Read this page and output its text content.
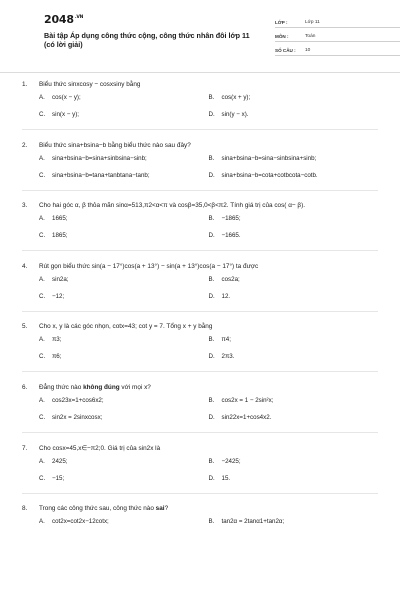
$2048^{.VN}$
Bài tập Áp dụng công thức cộng, công thức nhân đôi lớp 11 (có lời giải)
LỚP :	Lớp 11
MÔN :	Toán
SỐ CÂU :	10
1.	Biểu thức sinxcosy − cosxsiny bằng
A.	cos(x − y);	B.	cos(x + y);
C.	sin(x − y);	D.	sin(y − x).
2.	Biểu thức sina+bsina−b bằng biểu thức nào sau đây?
A.	sina+bsina−b=sina+sinbsina−sinb;	B.	sina+bsina−b=sina−sinbsina+sinb;
C.	sina+bsina−b=tana+tanbtana−tanb;	D.	sina+bsina−b=cota+cotbcota−cotb.
3.	Cho hai góc α, β thỏa mãn sinα=513,π2<α<π và cosβ=35,0<β<π2. Tính giá trị của cos( α− β).
A.	1665;	B.	−1865;
C.	1865;	D.	−1665.
4.	Rút gọn biểu thức sin(a − 17°)cos(a + 13°) − sin(a + 13°)cos(a − 17°) ta được
A.	sin2a;	B.	cos2a;
C.	−12;	D.	12.
5.	Cho x, y là các góc nhọn, cotx=43; cot y = 7. Tổng x + y bằng
A.	π3;	B.	π4;
C.	π6;	D.	2π3.
6.	Đẳng thức nào không đúng với mọi x?
A.	cos23x=1+cos6x2;	B.	cos2x = 1 − 2sin²x;
C.	sin2x = 2sinxcosx;	D.	sin22x=1+cos4x2.
7.	Cho cosx=45,x∈−π2;0. Giá trị của sin2x là
A.	2425;	B.	−2425;
C.	−15;	D.	15.
8.	Trong các công thức sau, công thức nào sai?
A.	cot2x=cot2x−12cotx;	B.	tan2α = 2tanα1+tan2α;
